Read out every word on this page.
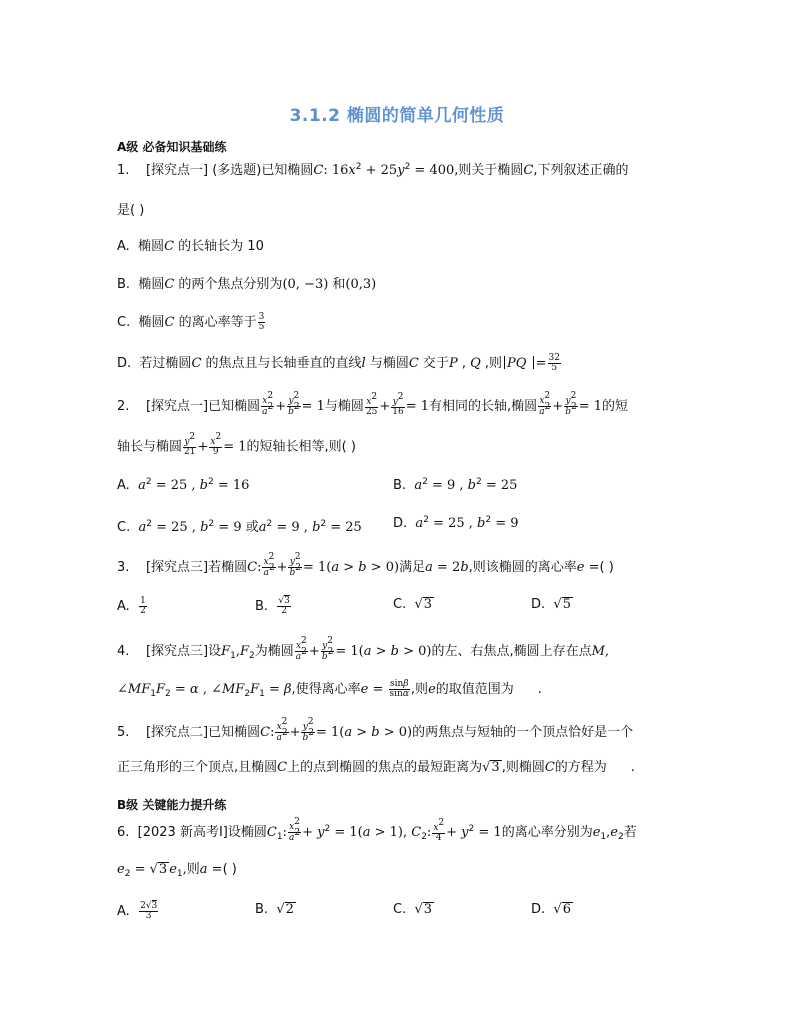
3.1.2 椭圆的简单几何性质
A级 必备知识基础练
1. [探究点一] (多选题)已知椭圆C: $16x^2 + 25y^2 = 400$,则关于椭圆C,下列叙述正确的
是( )
A. 椭圆C 的长轴长为 10
B. 椭圆C 的两个焦点分别为(0, −3) 和(0,3)
C. 椭圆C 的离心率等于 $\frac{3}{5}$
D. 若过椭圆C 的焦点且与长轴垂直的直线l 与椭圆C 交于P , Q ,则 PQ = $\frac{32}{5}$
2. [探究点一]已知椭圆 $\frac{x^2}{a^2} + \frac{y^2}{b^2} = 1$与椭圆 $\frac{x^2}{25} + \frac{y^2}{16} = 1$有相同的长轴,椭圆 $\frac{x^2}{a^2} + \frac{y^2}{b^2} = 1$的短
轴长与椭圆 $\frac{y^2}{21} + \frac{x^2}{9} = 1$的短轴长相等,则( )
A. $a^2 = 25$ , $b^2 = 16$	B. $a^2 = 9$ , $b^2 = 25$
C. $a^2 = 25$ , $b^2 = 9$ 或$a^2 = 9$ , $b^2 = 25$ D. $a^2 = 25$ , $b^2 = 9$
3. [探究点三]若椭圆C: $\frac{x^2}{a^2} + \frac{y^2}{b^2} = 1(a > b > 0)$满足a = 2b,则该椭圆的离心率e =( )
A. $\frac{1}{2}$	B. $\frac{√3}{2}$	C. √3	D. √5
4. [探究点三]设$F_1,F_2$为椭圆 $\frac{x^2}{a^2} + \frac{y^2}{b^2} = 1(a > b > 0)$的左、右焦点,椭圆上存在点M,
$\angle MF_1F_2 = \alpha$ , $\angle MF_2F_1 = \beta$,使得离心率$e = \frac{\sin\beta}{\sin\alpha}$ ,则e的取值范围为 .
5. [探究点二]已知椭圆C: $\frac{x^2}{a^2} + \frac{y^2}{b^2} = 1(a > b > 0)$的两焦点与短轴的一个顶点恰好是一个
正三角形的三个顶点,且椭圆C上的点到椭圆的焦点的最短距离为√3 ,则椭圆C的方程为 .
B级 关键能力提升练
6. [2023 新高考Ⅰ]设椭圆$C_1$: $\frac{x^2}{a^2} + y^2 = 1(a > 1)$, $C_2$: $\frac{x^2}{4} + y^2 = 1$的离心率分别为$e_1,e_2$若
$e_2 = √3$ $e_1$,则a =( )
A. $\frac{2√3}{3}$	B. √2	C. √3	D. √6
